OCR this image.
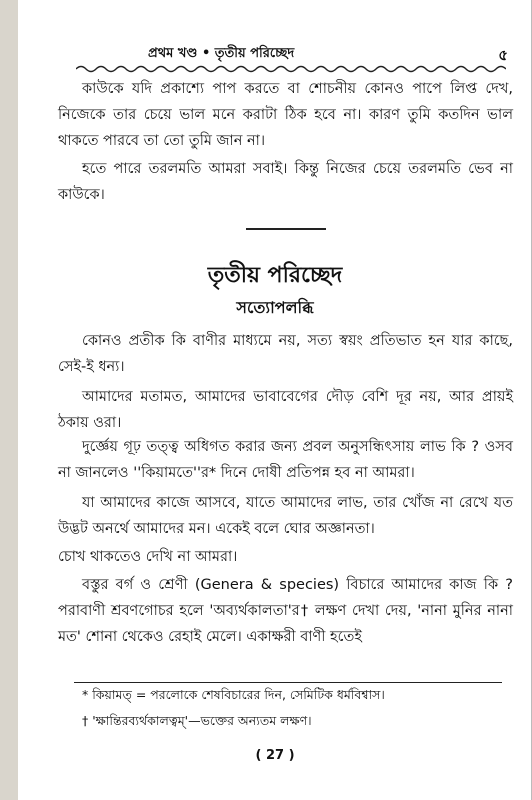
প্রথম খণ্ড • তৃতীয় পরিচ্ছেদ	৫

কাউকে যদি প্রকাশ্যে পাপ করতে বা শোচনীয় কোনও পাপে লিপ্ত দেখ, নিজেকে তার চেয়ে ভাল মনে করাটা ঠিক হবে না। কারণ তুমি কতদিন ভাল থাকতে পারবে তা তো তুমি জান না।

হতে পারে তরলমতি আমরা সবাই। কিন্তু নিজের চেয়ে তরলমতি ভেব না কাউকে।

তৃতীয় পরিচ্ছেদ
সত্যোপলব্ধি

কোনও প্রতীক কি বাণীর মাধ্যমে নয়, সত্য স্বয়ং প্রতিভাত হন যার কাছে, সেই-ই ধন্য।

আমাদের মতামত, আমাদের ভাবাবেগের দৌড় বেশি দূর নয়, আর প্রায়ই ঠকায় ওরা।

দুর্জ্ঞেয় গূঢ় তত্ত্ব অধিগত করার জন্য প্রবল অনুসন্ধিৎসায় লাভ কি ? ওসব না জানলেও ''কিয়ামতে''র* দিনে দোষী প্রতিপন্ন হব না আমরা।

যা আমাদের কাজে আসবে, যাতে আমাদের লাভ, তার খোঁজ না রেখে যত উদ্ভট অনর্থে আমাদের মন। একেই বলে ঘোর অজ্ঞানতা।

চোখ থাকতেও দেখি না আমরা।

বস্তুর বর্গ ও শ্রেণী (Genera & species) বিচারে আমাদের কাজ কি ? পরাবাণী শ্রবণগোচর হলে 'অব্যর্থকালতা'র† লক্ষণ দেখা দেয়, 'নানা মুনির নানা মত' শোনা থেকেও রেহাই মেলে। একাক্ষরী বাণী হতেই

* কিয়ামত্ = পরলোকে শেষবিচারের দিন, সেমিটিক ধর্মবিশ্বাস।
† 'ক্ষান্তিরব্যর্থকালত্বম্'—ভক্তের অন্যতম লক্ষণ।
( 27 )
